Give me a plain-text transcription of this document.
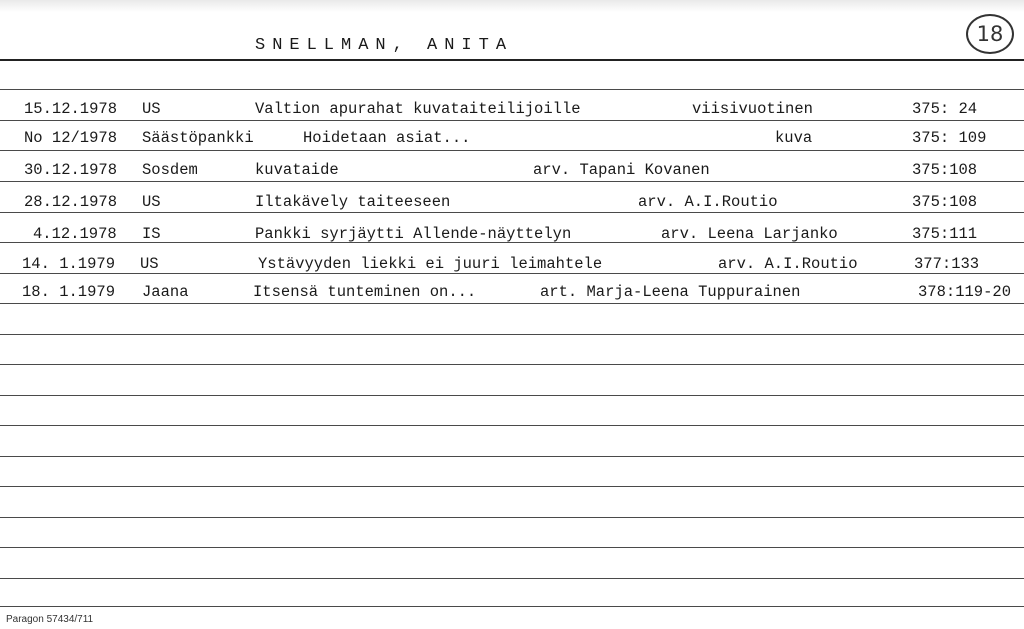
SNELLMAN, ANITA	18
15.12.1978 US	Valtion apurahat kuvataiteilijoille	viisivuotinen	375: 24
No 12/1978 Säästöpankki	Hoidetaan asiat...	kuva	375: 109
30.12.1978 Sosdem	kuvataide	arv. Tapani Kovanen	375:108
28.12.1978 US	Iltakävely taiteeseen	arv. A.I.Routio	375:108
4.12.1978 IS	Pankki syrjäytti Allende-näyttelyn	arv. Leena Larjanko	375:111
14. 1.1979 US	Ystävyyden liekki ei juuri leimahtele	arv. A.I.Routio	377:133
18. 1.1979 Jaana	Itsensä tunteminen on...	art. Marja-Leena Tuppurainen	378:119-20
Paragon 57434/711
